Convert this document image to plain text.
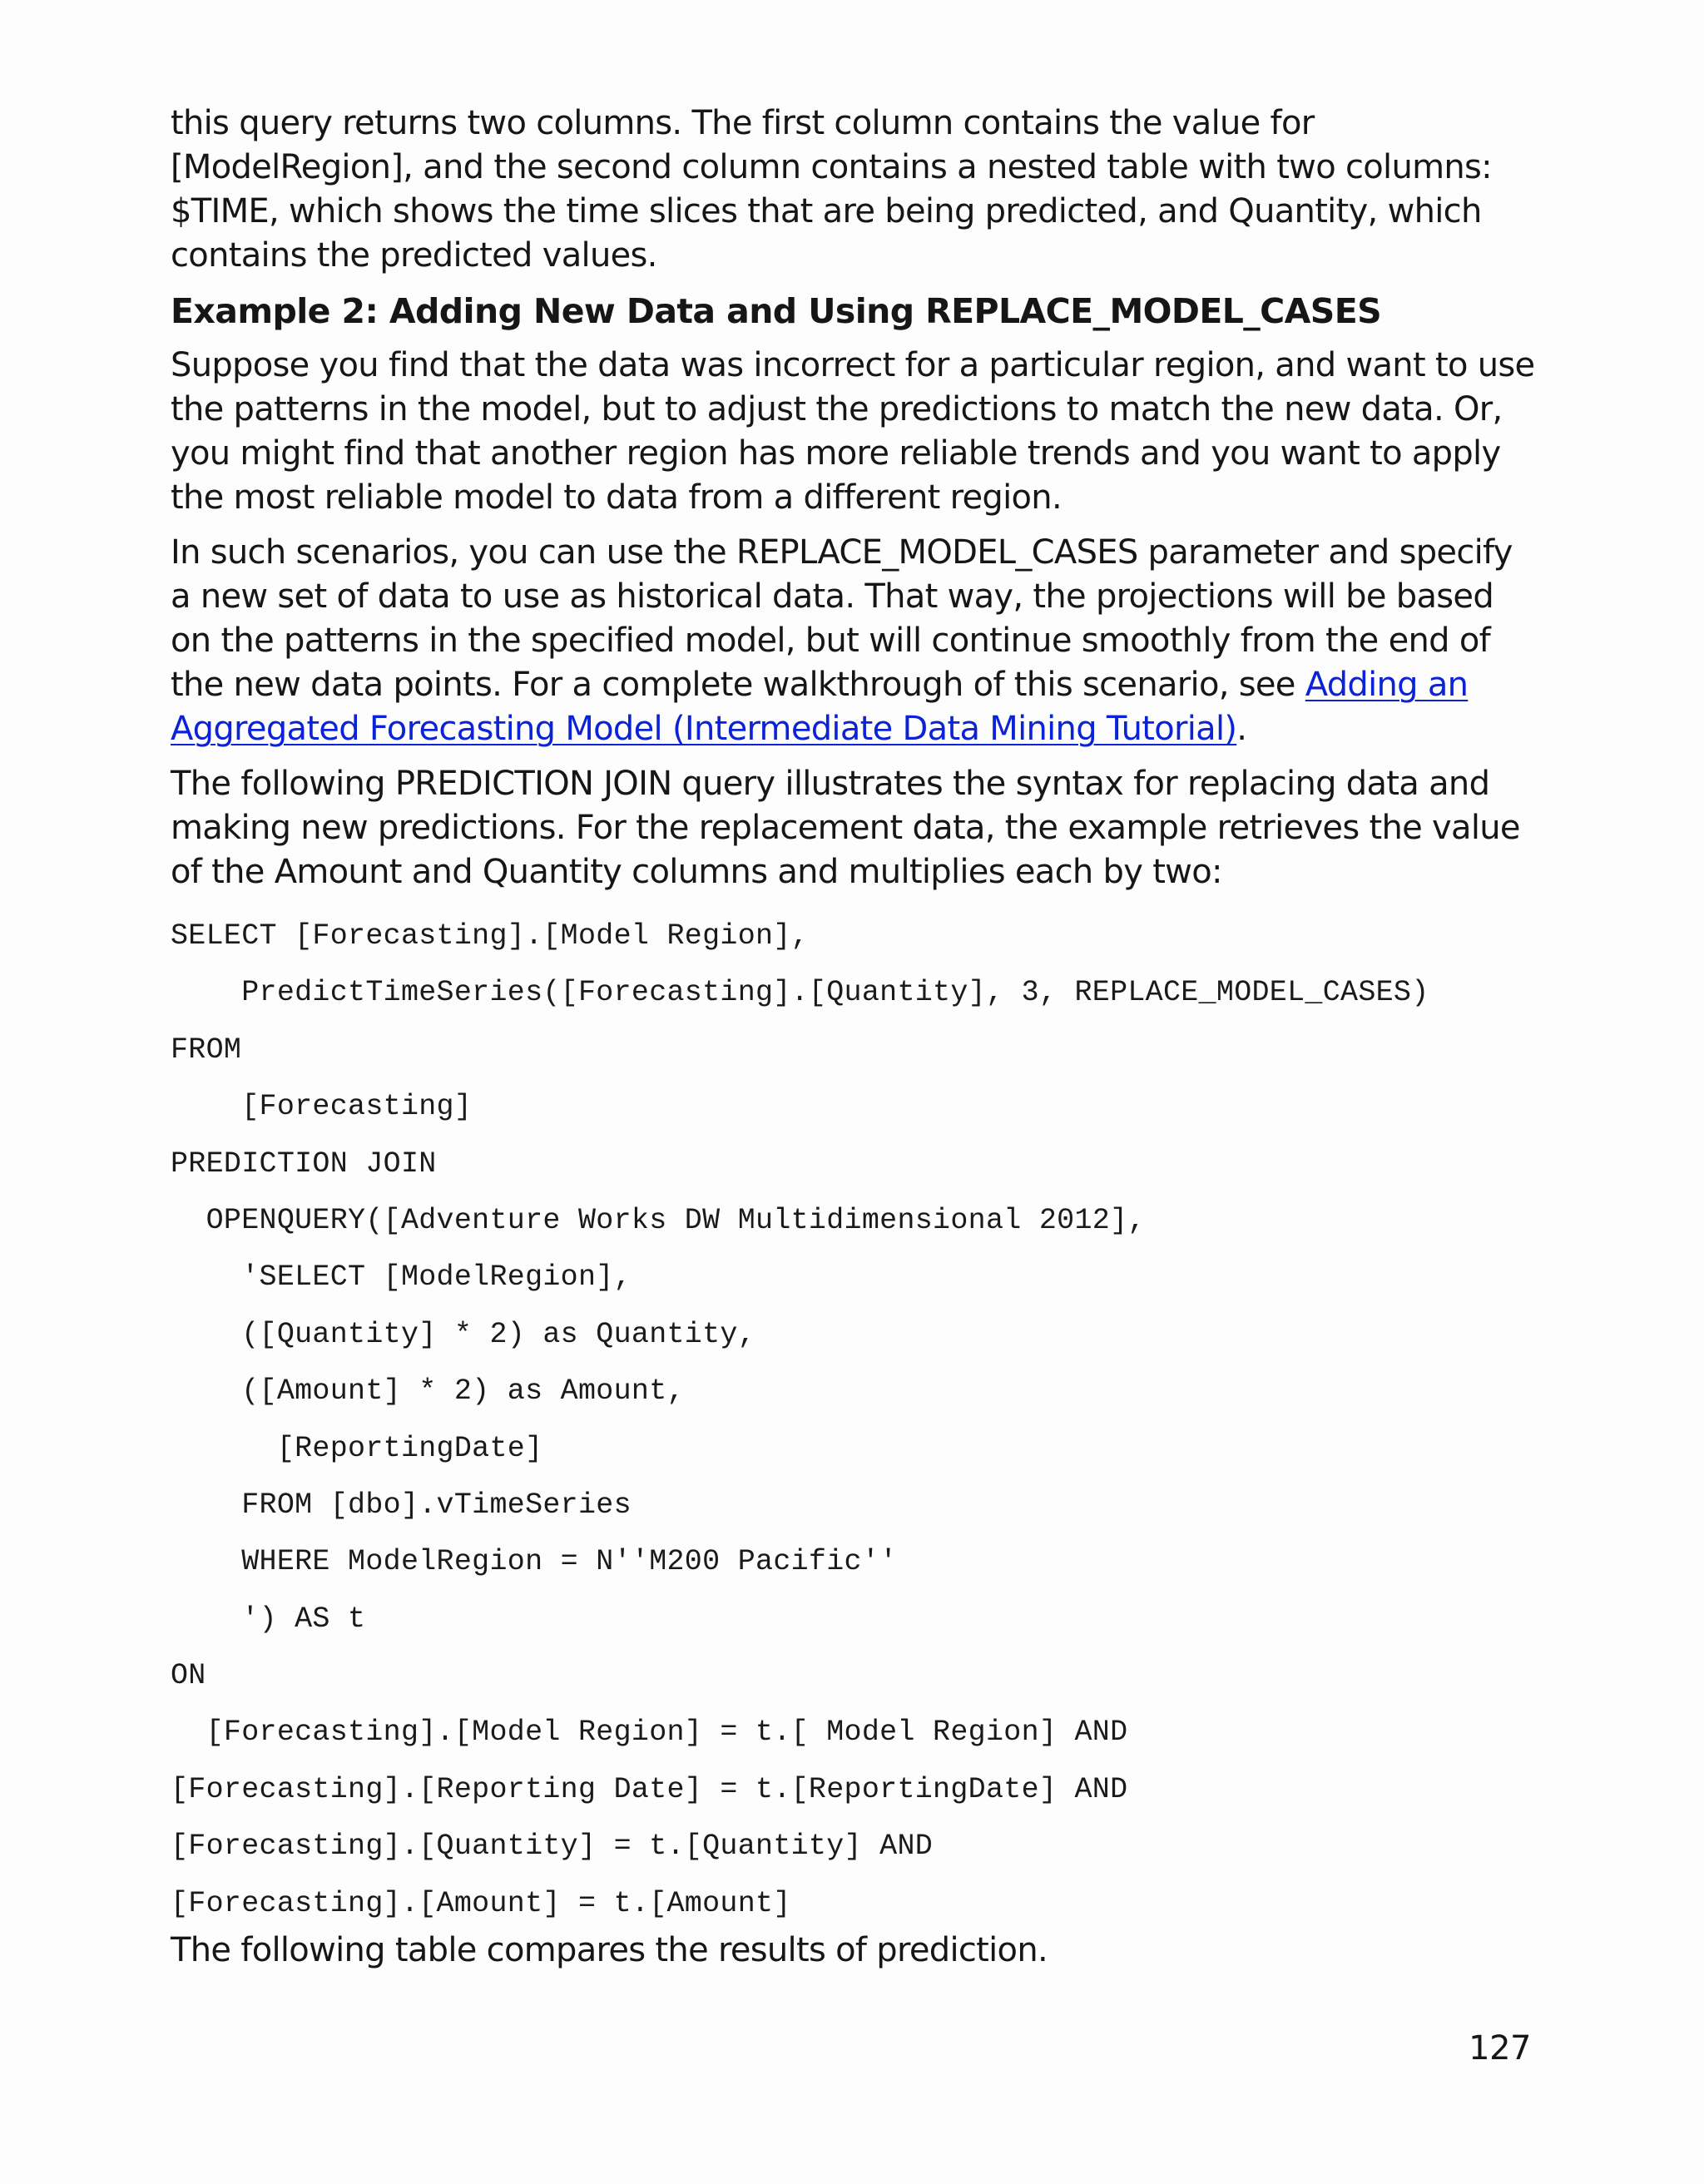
this query returns two columns. The first column contains the value for [ModelRegion], and the second column contains a nested table with two columns: $TIME, which shows the time slices that are being predicted, and Quantity, which contains the predicted values.

Example 2: Adding New Data and Using REPLACE_MODEL_CASES

Suppose you find that the data was incorrect for a particular region, and want to use the patterns in the model, but to adjust the predictions to match the new data. Or, you might find that another region has more reliable trends and you want to apply the most reliable model to data from a different region.

In such scenarios, you can use the REPLACE_MODEL_CASES parameter and specify a new set of data to use as historical data. That way, the projections will be based on the patterns in the specified model, but will continue smoothly from the end of the new data points. For a complete walkthrough of this scenario, see Adding an Aggregated Forecasting Model (Intermediate Data Mining Tutorial).

The following PREDICTION JOIN query illustrates the syntax for replacing data and making new predictions. For the replacement data, the example retrieves the value of the Amount and Quantity columns and multiplies each by two:

SELECT [Forecasting].[Model Region],
PredictTimeSeries([Forecasting].[Quantity], 3, REPLACE_MODEL_CASES)
FROM
[Forecasting]
PREDICTION JOIN
OPENQUERY([Adventure Works DW Multidimensional 2012],
'SELECT [ModelRegion],
([Quantity] * 2) as Quantity,
([Amount] * 2) as Amount,
[ReportingDate]
FROM [dbo].vTimeSeries
WHERE ModelRegion = N''M200 Pacific''
') AS t
ON
[Forecasting].[Model Region] = t.[ Model Region] AND
[Forecasting].[Reporting Date] = t.[ReportingDate] AND
[Forecasting].[Quantity] = t.[Quantity] AND
[Forecasting].[Amount] = t.[Amount]

The following table compares the results of prediction.

127
